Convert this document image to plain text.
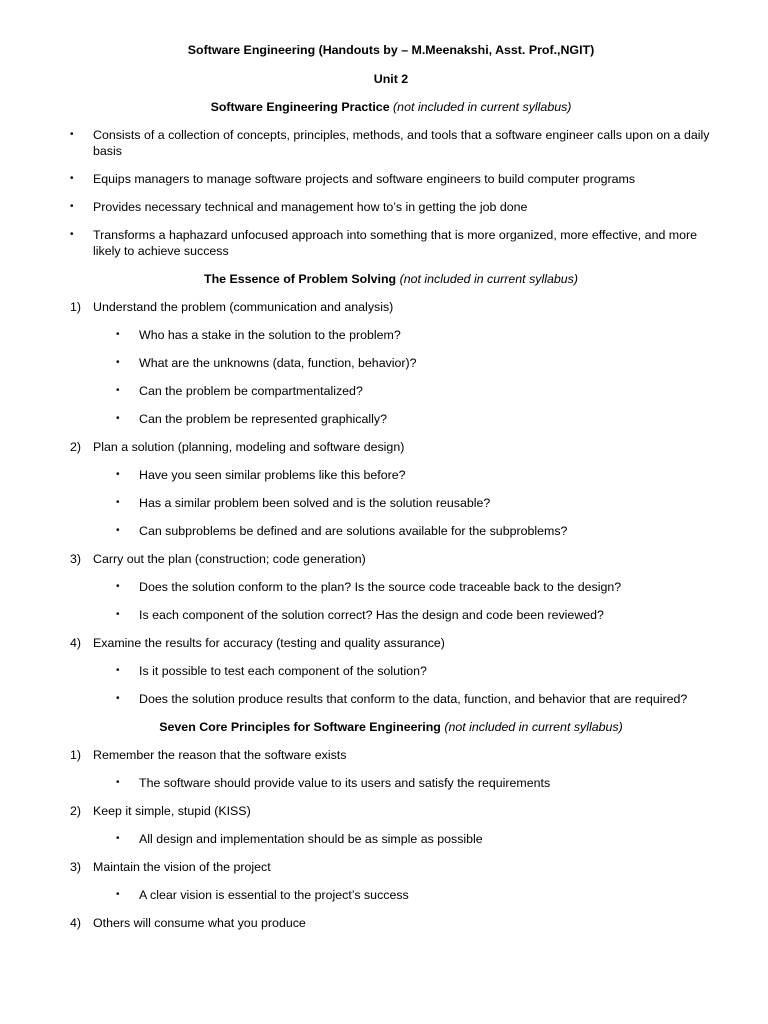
Software Engineering (Handouts by – M.Meenakshi, Asst. Prof.,NGIT)

Unit 2

Software Engineering Practice (not included in current syllabus)

•	Consists of a collection of concepts, principles, methods, and tools that a software engineer calls upon on a daily basis
•	Equips managers to manage software projects and software engineers to build computer programs
•	Provides necessary technical and management how to’s in getting the job done
•	Transforms a haphazard unfocused approach into something that is more organized, more effective, and more likely to achieve success

The Essence of Problem Solving (not included in current syllabus)

1) Understand the problem (communication and analysis)
• Who has a stake in the solution to the problem?
• What are the unknowns (data, function, behavior)?
• Can the problem be compartmentalized?
• Can the problem be represented graphically?
2) Plan a solution (planning, modeling and software design)
• Have you seen similar problems like this before?
• Has a similar problem been solved and is the solution reusable?
• Can subproblems be defined and are solutions available for the subproblems?
3) Carry out the plan (construction; code generation)
• Does the solution conform to the plan? Is the source code traceable back to the design?
• Is each component of the solution correct? Has the design and code been reviewed?
4) Examine the results for accuracy (testing and quality assurance)
• Is it possible to test each component of the solution?
• Does the solution produce results that conform to the data, function, and behavior that are required?

Seven Core Principles for Software Engineering (not included in current syllabus)

1) Remember the reason that the software exists
• The software should provide value to its users and satisfy the requirements
2) Keep it simple, stupid (KISS)
• All design and implementation should be as simple as possible
3) Maintain the vision of the project
• A clear vision is essential to the project’s success
4) Others will consume what you produce
